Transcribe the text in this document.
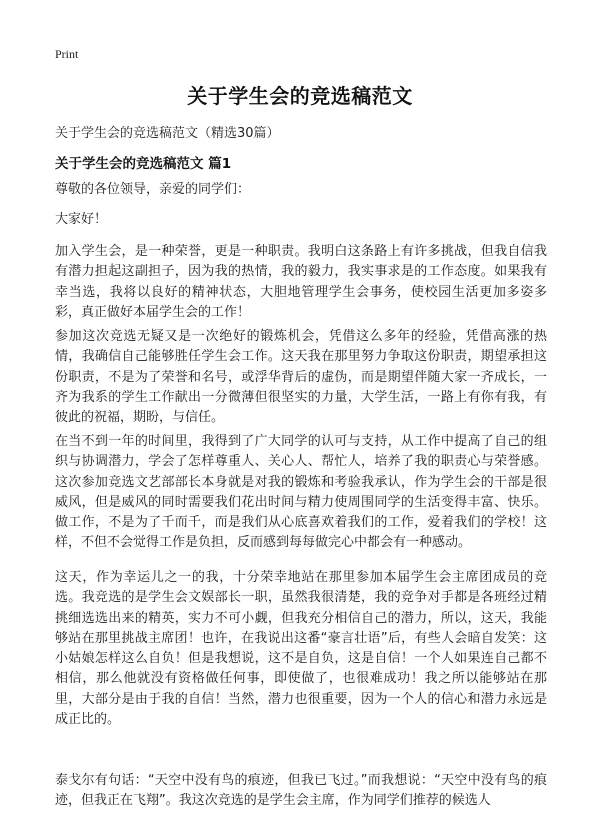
Print
关于学生会的竞选稿范文
关于学生会的竞选稿范文（精选30篇）
关于学生会的竞选稿范文 篇1

尊敬的各位领导，亲爱的同学们：

大家好！

加入学生会，是一种荣誉，更是一种职责。我明白这条路上有许多挑战，但我自信我有潜力担起这副担子，因为我的热情，我的毅力，我实事求是的工作态度。如果我有幸当选，我将以良好的精神状态，大胆地管理学生会事务，使校园生活更加多姿多彩，真正做好本届学生会的工作！

参加这次竞选无疑又是一次绝好的锻炼机会，凭借这么多年的经验，凭借高涨的热情，我确信自己能够胜任学生会工作。这天我在那里努力争取这份职责，期望承担这份职责，不是为了荣誉和名号，或浮华背后的虚伪，而是期望伴随大家一齐成长，一齐为我系的学生工作献出一分微薄但很坚实的力量，大学生活，一路上有你有我，有彼此的祝福，期盼，与信任。

在当不到一年的时间里，我得到了广大同学的认可与支持，从工作中提高了自己的组织与协调潜力，学会了怎样尊重人、关心人、帮忙人，培养了我的职责心与荣誉感。这次参加竞选文艺部部长本身就是对我的锻炼和考验我承认，作为学生会的干部是很威风，但是威风的同时需要我们花出时间与精力使周围同学的生活变得丰富、快乐。做工作，不是为了千而千，而是我们从心底喜欢着我们的工作，爱着我们的学校！这样，不但不会觉得工作是负担，反而感到每每做完心中都会有一种感动。

这天，作为幸运儿之一的我，十分荣幸地站在那里参加本届学生会主席团成员的竞选。我竞选的是学生会文娱部长一职，虽然我很清楚，我的竞争对手都是各班经过精挑细选选出来的精英，实力不可小觑，但我充分相信自己的潜力，所以，这天，我能够站在那里挑战主席团！也许，在我说出这番“豪言壮语”后，有些人会暗自发笑：这小姑娘怎样这么自负！但是我想说，这不是自负，这是自信！一个人如果连自己都不相信，那么他就没有资格做任何事，即使做了，也很难成功！我之所以能够站在那里，大部分是由于我的自信！当然，潜力也很重要，因为一个人的信心和潜力永远是成正比的。

泰戈尔有句话：“天空中没有鸟的痕迹，但我已飞过。”而我想说：“天空中没有鸟的痕迹，但我正在飞翔”。我这次竞选的是学生会主席，作为同学们推荐的候选人
